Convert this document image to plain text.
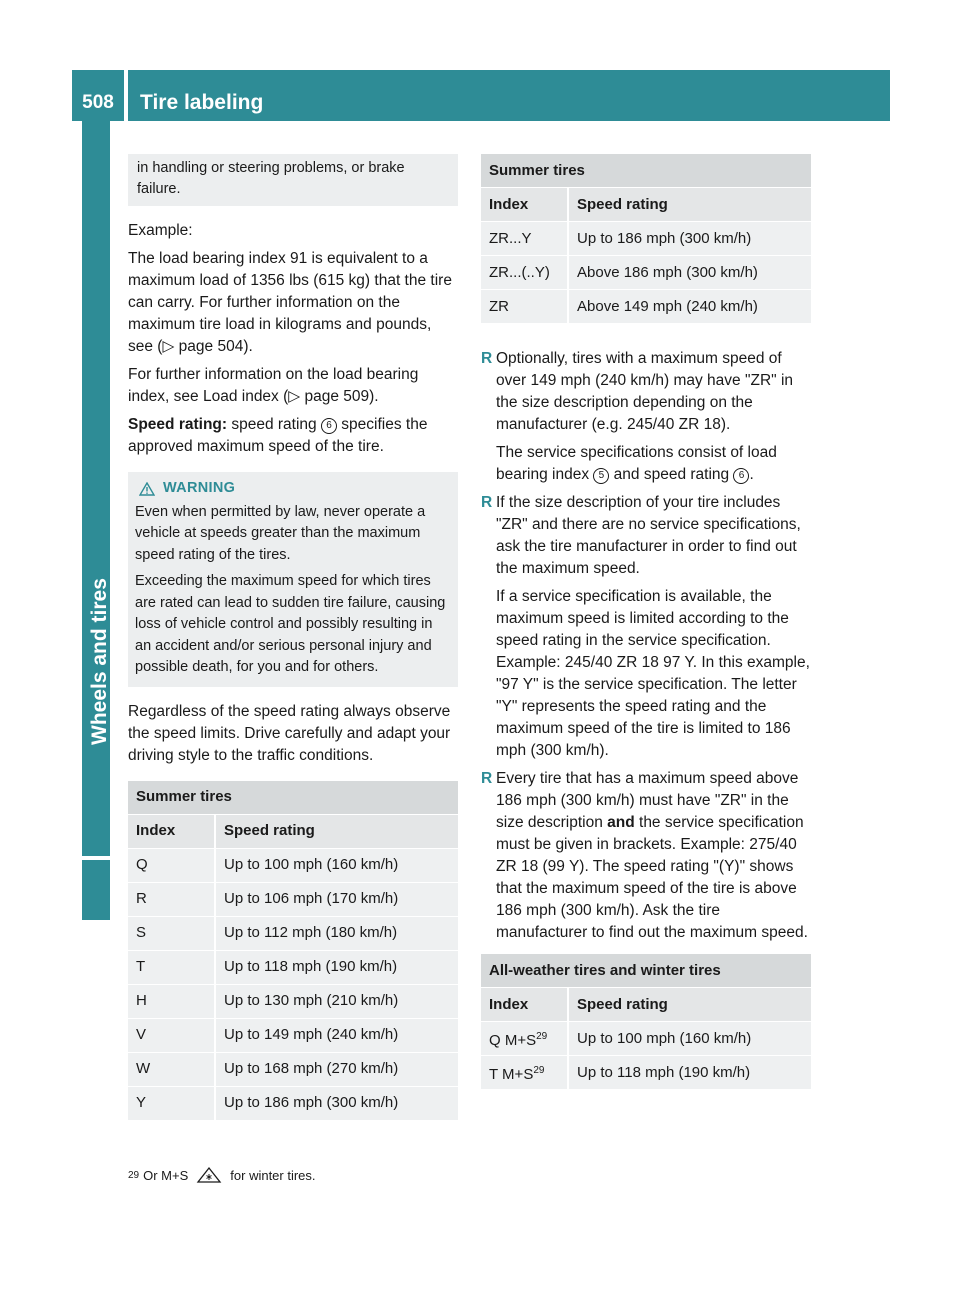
508	Tire labeling
Wheels and tires
in handling or steering problems, or brake failure.

Example:

The load bearing index 91 is equivalent to a maximum load of 1356 lbs (615 kg) that the tire can carry. For further information on the maximum tire load in kilograms and pounds, see (▷ page 504).

For further information on the load bearing index, see Load index (▷ page 509).

Speed rating: speed rating 6 specifies the approved maximum speed of the tire.

WARNING

Even when permitted by law, never operate a vehicle at speeds greater than the maximum speed rating of the tires.

Exceeding the maximum speed for which tires are rated can lead to sudden tire failure, causing loss of vehicle control and possibly resulting in an accident and/or serious personal injury and possible death, for you and for others.

Regardless of the speed rating always observe the speed limits. Drive carefully and adapt your driving style to the traffic conditions.

Summer tires	
Index	Speed rating
Q	Up to 100 mph (160 km/h)
R	Up to 106 mph (170 km/h)
S	Up to 112 mph (180 km/h)
T	Up to 118 mph (190 km/h)
H	Up to 130 mph (210 km/h)
V	Up to 149 mph (240 km/h)
W	Up to 168 mph (270 km/h)
Y	Up to 186 mph (300 km/h)
Summer tires	
Index	Speed rating
ZR...Y	Up to 186 mph (300 km/h)
ZR...(..Y)	Above 186 mph (300 km/h)
ZR	Above 149 mph (240 km/h)
R Optionally, tires with a maximum speed of over 149 mph (240 km/h) may have "ZR" in the size description depending on the manufacturer (e.g. 245/40 ZR 18).

The service specifications consist of load bearing index 5 and speed rating 6 .

R If the size description of your tire includes "ZR" and there are no service specifications, ask the tire manufacturer in order to find out the maximum speed.

If a service specification is available, the maximum speed is limited according to the speed rating in the service specification. Example: 245/40 ZR 18 97 Y. In this example, "97 Y" is the service specification. The letter "Y" represents the speed rating and the maximum speed of the tire is limited to 186 mph (300 km/h).

R Every tire that has a maximum speed above 186 mph (300 km/h) must have "ZR" in the size description and the service specification must be given in brackets. Example: 275/40 ZR 18 (99 Y). The speed rating "(Y)" shows that the maximum speed of the tire is above 186 mph (300 km/h). Ask the tire manufacturer to find out the maximum speed.

All-weather tires and winter tires	
Index	Speed rating
Q $M+S^{29}$	Up to 100 mph (160 km/h)
T $M+S^{29}$	Up to 118 mph (190 km/h)
29 Or M+S	for winter tires.
